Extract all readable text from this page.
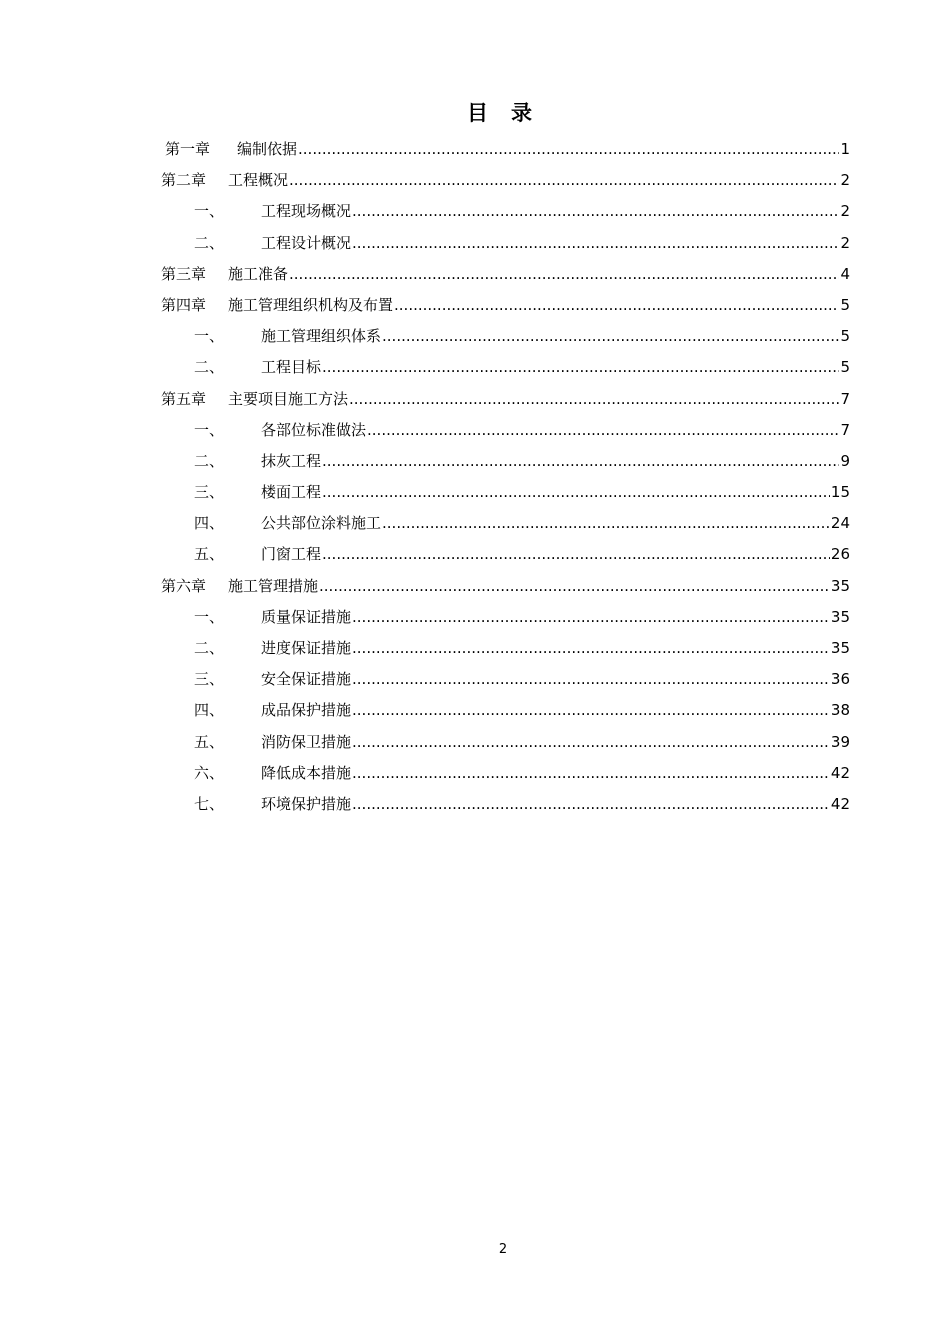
目 录
第一章	编制依据 .....	1
第二章	工程概况 .....	2
一、	工程现场概况 .....	2
二、	工程设计概况 .....	2
第三章	施工准备 .....	4
第四章	施工管理组织机构及布置 .....	5
一、	施工管理组织体系 .....	5
二、	工程目标 .....	5
第五章	主要项目施工方法 .....	7
一、	各部位标准做法 .....	7
二、	抹灰工程 .....	9
三、	楼面工程 .....	15
四、	公共部位涂料施工 .....	24
五、	门窗工程 .....	26
第六章	施工管理措施 .....	35
一、	质量保证措施 .....	35
二、	进度保证措施 .....	35
三、	安全保证措施 .....	36
四、	成品保护措施 .....	38
五、	消防保卫措施 .....	39
六、	降低成本措施 .....	42
七、	环境保护措施 .....	42
2
